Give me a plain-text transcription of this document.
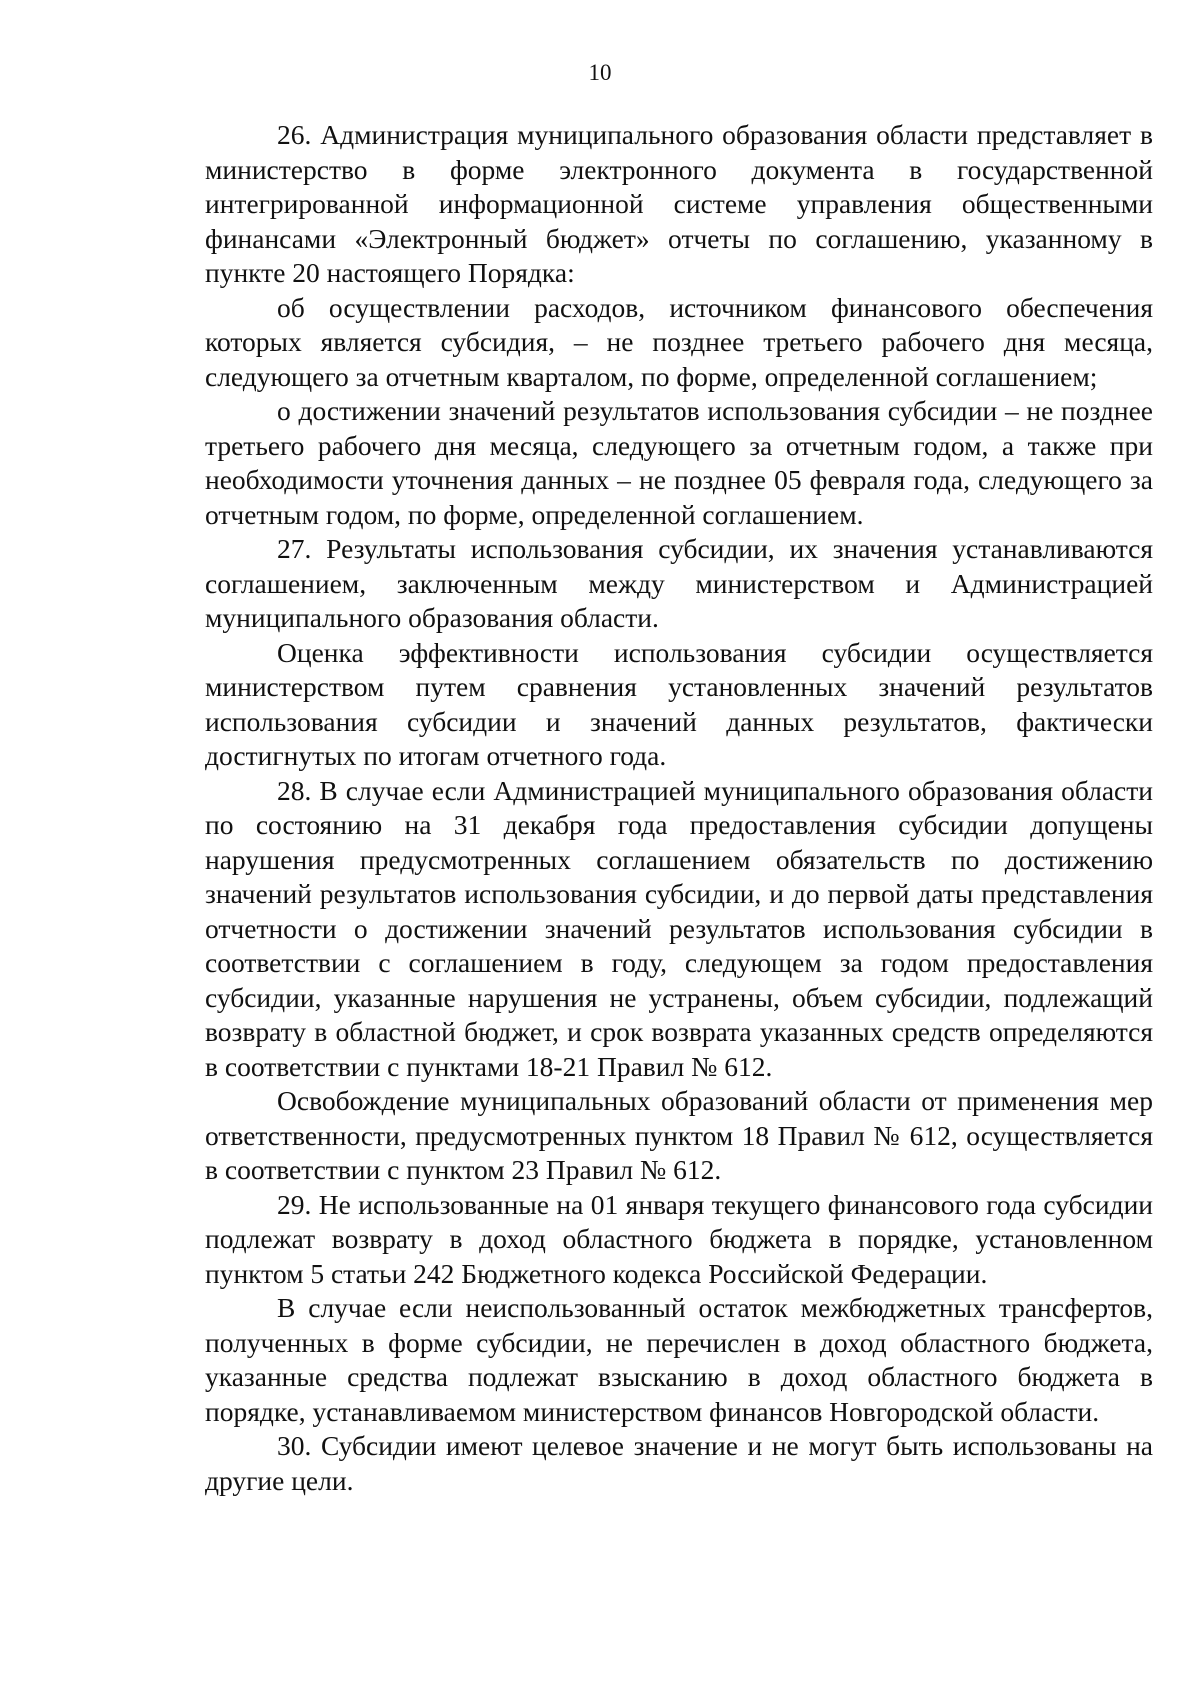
10

26. Администрация муниципального образования области представляет в министерство в форме электронного документа в государственной интегрированной информационной системе управления общественными финансами «Электронный бюджет» отчеты по соглашению, указанному в пункте 20 настоящего Порядка:

об осуществлении расходов, источником финансового обеспечения которых является субсидия, – не позднее третьего рабочего дня месяца, следующего за отчетным кварталом, по форме, определенной соглашением;

о достижении значений результатов использования субсидии – не позднее третьего рабочего дня месяца, следующего за отчетным годом, а также при необходимости уточнения данных – не позднее 05 февраля года, следующего за отчетным годом, по форме, определенной соглашением.

27. Результаты использования субсидии, их значения устанавливаются соглашением, заключенным между министерством и Администрацией муниципального образования области.

Оценка эффективности использования субсидии осуществляется министерством путем сравнения установленных значений результатов использования субсидии и значений данных результатов, фактически достигнутых по итогам отчетного года.

28. В случае если Администрацией муниципального образования области по состоянию на 31 декабря года предоставления субсидии допущены нарушения предусмотренных соглашением обязательств по достижению значений результатов использования субсидии, и до первой даты представления отчетности о достижении значений результатов использования субсидии в соответствии с соглашением в году, следующем за годом предоставления субсидии, указанные нарушения не устранены, объем субсидии, подлежащий возврату в областной бюджет, и срок возврата указанных средств определяются в соответствии с пунктами 18-21 Правил № 612.

Освобождение муниципальных образований области от применения мер ответственности, предусмотренных пунктом 18 Правил № 612, осуществляется в соответствии с пунктом 23 Правил № 612.

29. Не использованные на 01 января текущего финансового года субсидии подлежат возврату в доход областного бюджета в порядке, установленном пунктом 5 статьи 242 Бюджетного кодекса Российской Федерации.

В случае если неиспользованный остаток межбюджетных трансфертов, полученных в форме субсидии, не перечислен в доход областного бюджета, указанные средства подлежат взысканию в доход областного бюджета в порядке, устанавливаемом министерством финансов Новгородской области.

30. Субсидии имеют целевое значение и не могут быть использованы на другие цели.
